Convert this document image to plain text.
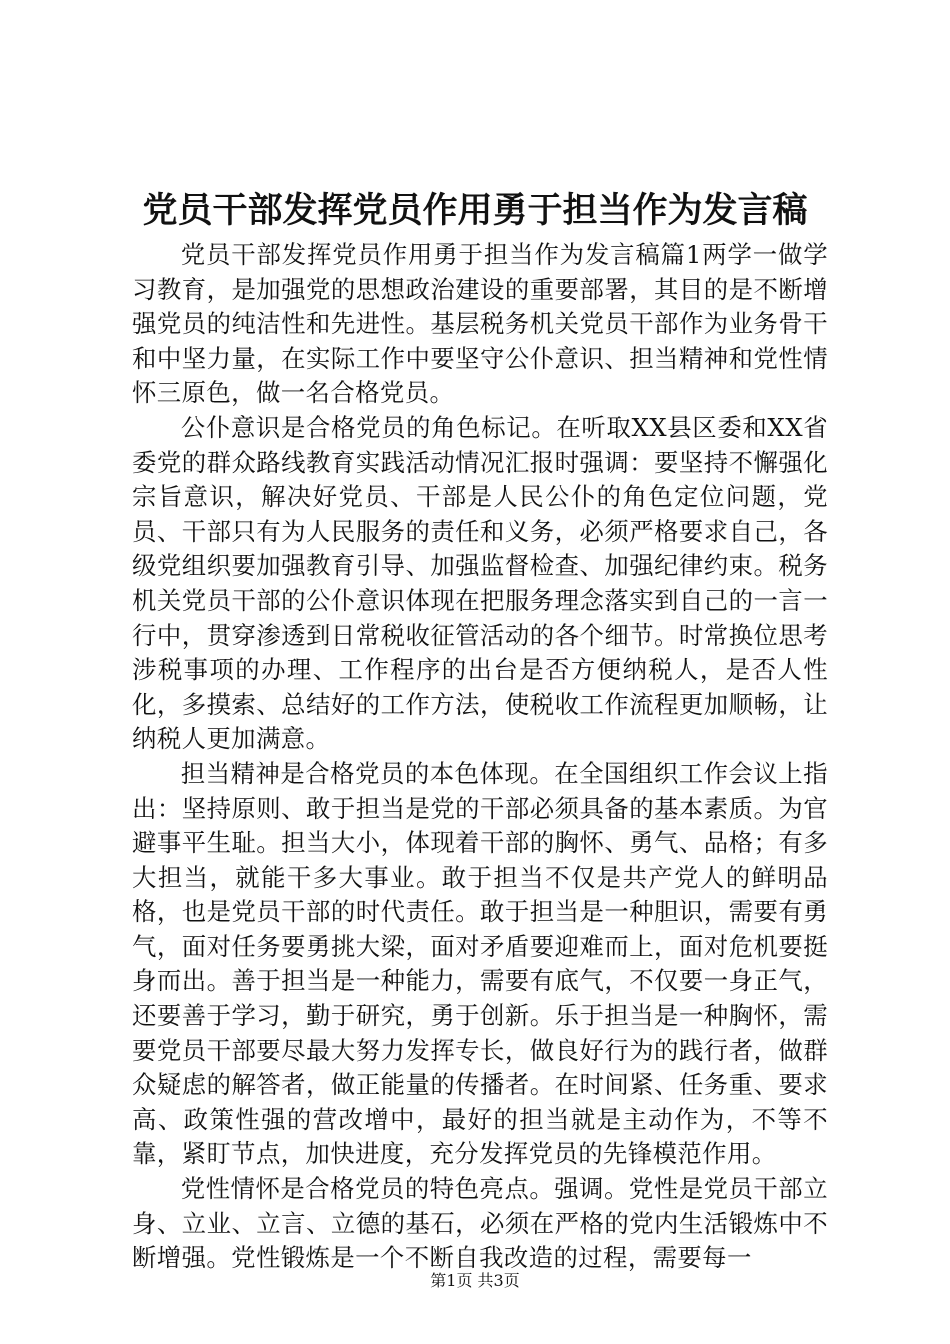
党员干部发挥党员作用勇于担当作为发言稿

党员干部发挥党员作用勇于担当作为发言稿篇1两学一做学习教育，是加强党的思想政治建设的重要部署，其目的是不断增强党员的纯洁性和先进性。基层税务机关党员干部作为业务骨干和中坚力量，在实际工作中要坚守公仆意识、担当精神和党性情怀三原色，做一名合格党员。

公仆意识是合格党员的角色标记。在听取XX县区委和XX省委党的群众路线教育实践活动情况汇报时强调：要坚持不懈强化宗旨意识，解决好党员、干部是人民公仆的角色定位问题，党员、干部只有为人民服务的责任和义务，必须严格要求自己，各级党组织要加强教育引导、加强监督检查、加强纪律约束。税务机关党员干部的公仆意识体现在把服务理念落实到自己的一言一行中，贯穿渗透到日常税收征管活动的各个细节。时常换位思考涉税事项的办理、工作程序的出台是否方便纳税人，是否人性化，多摸索、总结好的工作方法，使税收工作流程更加顺畅，让纳税人更加满意。

担当精神是合格党员的本色体现。在全国组织工作会议上指出：坚持原则、敢于担当是党的干部必须具备的基本素质。为官避事平生耻。担当大小，体现着干部的胸怀、勇气、品格；有多大担当，就能干多大事业。敢于担当不仅是共产党人的鲜明品格，也是党员干部的时代责任。敢于担当是一种胆识，需要有勇气，面对任务要勇挑大梁，面对矛盾要迎难而上，面对危机要挺身而出。善于担当是一种能力，需要有底气，不仅要一身正气，还要善于学习，勤于研究，勇于创新。乐于担当是一种胸怀，需要党员干部要尽最大努力发挥专长，做良好行为的践行者，做群众疑虑的解答者，做正能量的传播者。在时间紧、任务重、要求高、政策性强的营改增中，最好的担当就是主动作为，不等不靠，紧盯节点，加快进度，充分发挥党员的先锋模范作用。

党性情怀是合格党员的特色亮点。强调。党性是党员干部立身、立业、立言、立德的基石，必须在严格的党内生活锻炼中不断增强。党性锻炼是一个不断自我改造的过程，需要每一

第1页 共3页
